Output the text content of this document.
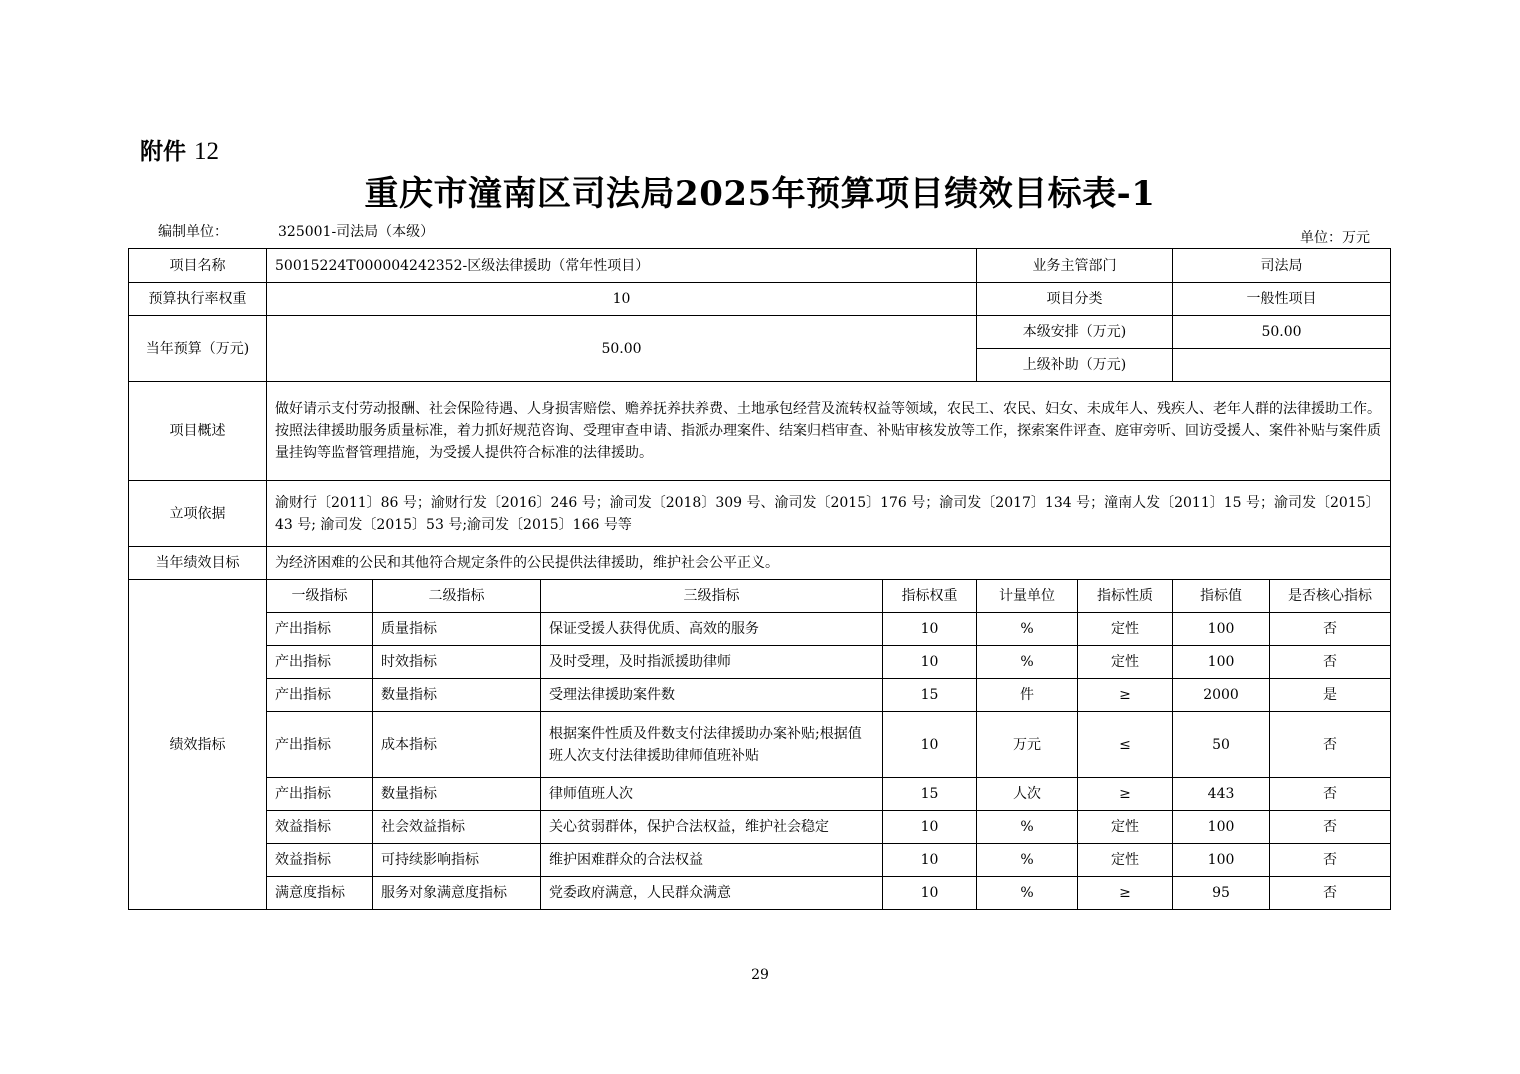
附件 12
重庆市潼南区司法局2025年预算项目绩效目标表-1
编制单位：	325001-司法局（本级）	单位：万元
项目名称	50015224T000004242352-区级法律援助（常年性项目）				业务主管部门		司法局	
预算执行率权重	10				项目分类		一般性项目	
当年预算（万元)	50.00				本级安排（万元)		50.00	
					上级补助（万元)			
项目概述	做好请示支付劳动报酬、社会保险待遇、人身损害赔偿、赡养抚养扶养费、土地承包经营及流转权益等领域，农民工、农民、妇女、未成年人、残疾人、老年人群的法律援助工作。按照法律援助服务质量标准，着力抓好规范咨询、受理审查申请、指派办理案件、结案归档审查、补贴审核发放等工作，探索案件评查、庭审旁听、回访受援人、案件补贴与案件质量挂钩等监督管理措施，为受援人提供符合标准的法律援助。							
立项依据	渝财行〔2011〕86 号；渝财行发〔2016〕246 号；渝司发〔2018〕309 号、渝司发〔2015〕176 号；渝司发〔2017〕134 号；潼南人发〔2011〕15 号；渝司发〔2015〕43 号; 渝司发〔2015〕53 号;渝司发〔2015〕166 号等							
当年绩效目标	为经济困难的公民和其他符合规定条件的公民提供法律援助，维护社会公平正义。							
绩效指标	一级指标	二级指标	三级指标	指标权重	计量单位	指标性质	指标值	是否核心指标
	产出指标	质量指标	保证受援人获得优质、高效的服务	10	%	定性	100	否
	产出指标	时效指标	及时受理，及时指派援助律师	10	%	定性	100	否
	产出指标	数量指标	受理法律援助案件数	15	件	≥	2000	是
	产出指标	成本指标	根据案件性质及件数支付法律援助办案补贴;根据值班人次支付法律援助律师值班补贴	10	万元	≤	50	否
	产出指标	数量指标	律师值班人次	15	人次	≥	443	否
	效益指标	社会效益指标	关心贫弱群体，保护合法权益，维护社会稳定	10	%	定性	100	否
	效益指标	可持续影响指标	维护困难群众的合法权益	10	%	定性	100	否
	满意度指标	服务对象满意度指标	党委政府满意，人民群众满意	10	%	≥	95	否
29
